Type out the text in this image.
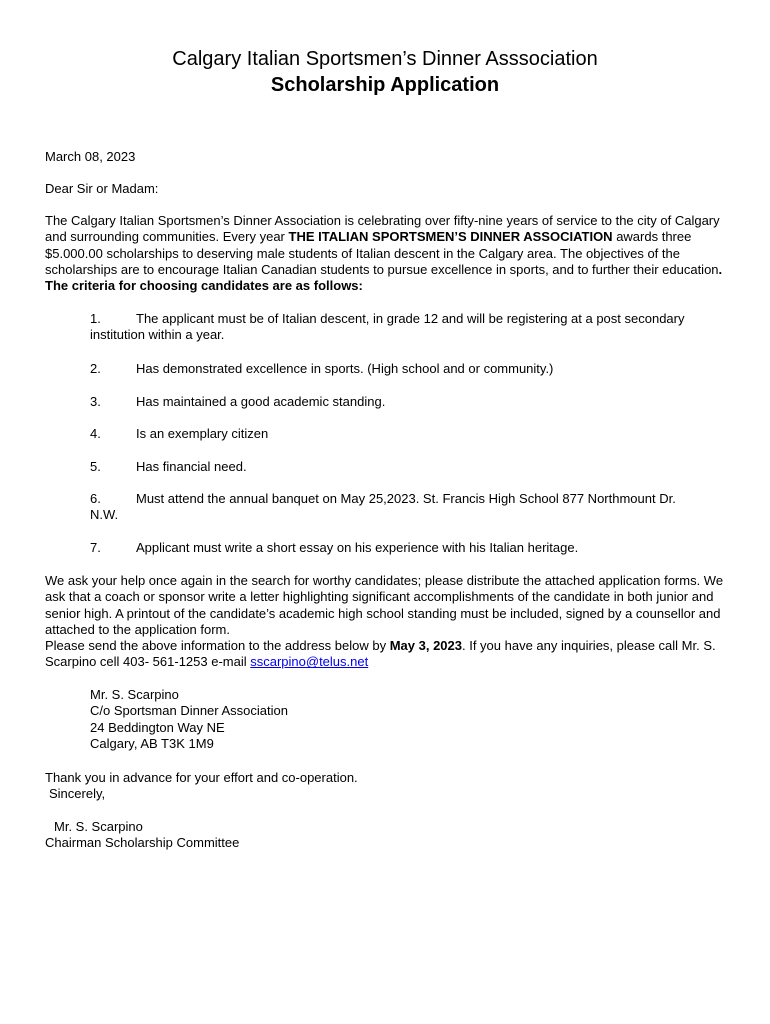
Calgary Italian Sportsmen’s Dinner Asssociation
Scholarship Application
March 08, 2023
Dear Sir or Madam:
The Calgary Italian Sportsmen’s Dinner Association is celebrating over fifty-nine years of service to the city of Calgary and surrounding communities. Every year THE ITALIAN SPORTSMEN’S DINNER ASSOCIATION awards three $5.000.00 scholarships to deserving male students of Italian descent in the Calgary area. The objectives of the scholarships are to encourage Italian Canadian students to pursue excellence in sports, and to further their education. The criteria for choosing candidates are as follows:
1.	The applicant must be of Italian descent, in grade 12 and will be registering at a post secondary
institution within a year.
2.	Has demonstrated excellence in sports. (High school and or community.)
3.	Has maintained a good academic standing.
4.	Is an exemplary citizen
5.	Has financial need.
6.	Must attend the annual banquet on May 25,2023. St. Francis High School 877 Northmount Dr.
N.W.
7.	Applicant must write a short essay on his experience with his Italian heritage.
We ask your help once again in the search for worthy candidates; please distribute the attached application forms. We ask that a coach or sponsor write a letter highlighting significant accomplishments of the candidate in both junior and senior high. A printout of the candidate’s academic high school standing must be included, signed by a counsellor and attached to the application form.
Please send the above information to the address below by May 3, 2023. If you have any inquiries, please call Mr. S. Scarpino cell 403- 561-1253 e-mail sscarpino@telus.net
Mr. S. Scarpino
C/o Sportsman Dinner Association
24 Beddington Way NE
Calgary, AB T3K 1M9
Thank you in advance for your effort and co-operation.
Sincerely,
Mr. S. Scarpino
Chairman Scholarship Committee
